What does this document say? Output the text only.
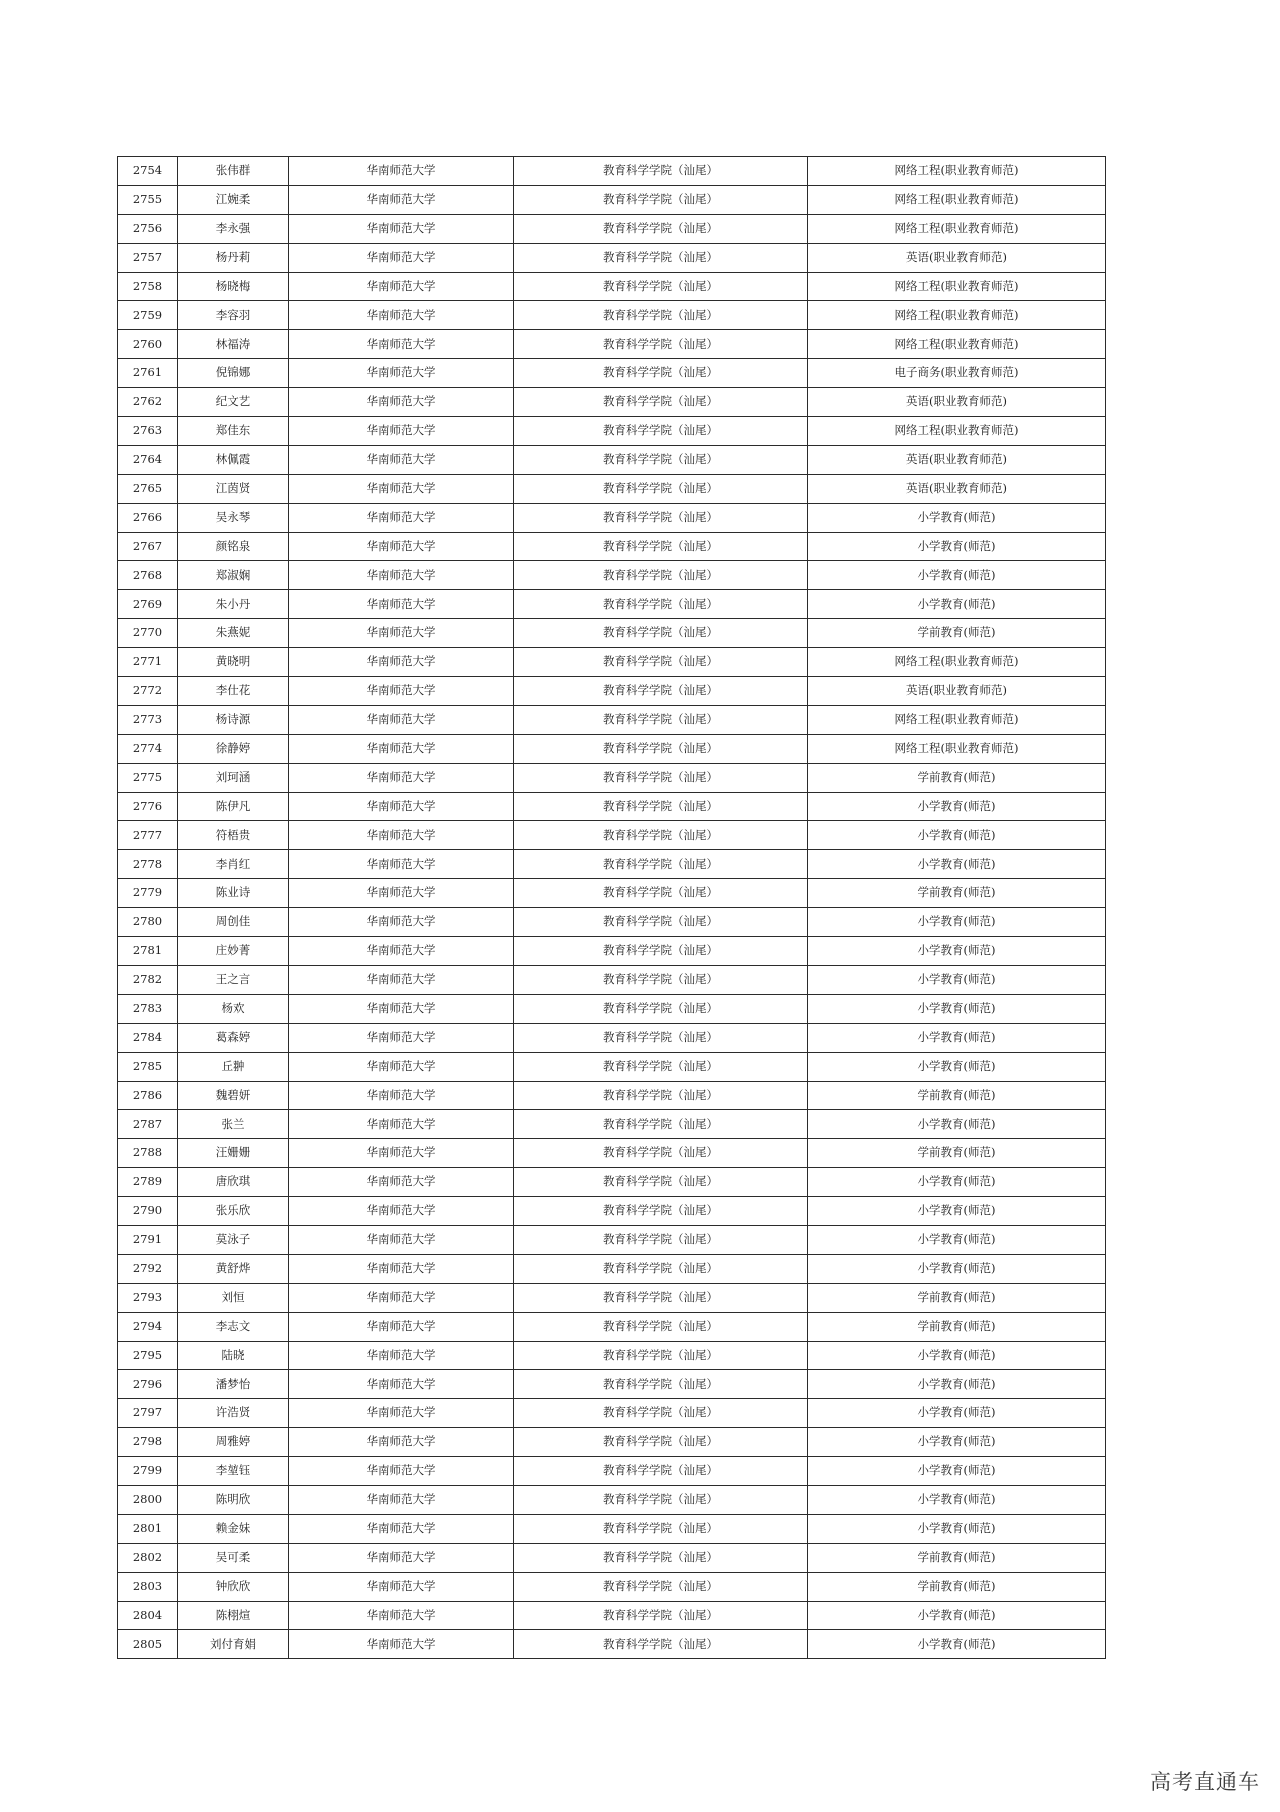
2754	张伟群	华南师范大学	教育科学学院（汕尾）	网络工程(职业教育师范)
2755	江婉柔	华南师范大学	教育科学学院（汕尾）	网络工程(职业教育师范)
2756	李永强	华南师范大学	教育科学学院（汕尾）	网络工程(职业教育师范)
2757	杨丹莉	华南师范大学	教育科学学院（汕尾）	英语(职业教育师范)
2758	杨晓梅	华南师范大学	教育科学学院（汕尾）	网络工程(职业教育师范)
2759	李容羽	华南师范大学	教育科学学院（汕尾）	网络工程(职业教育师范)
2760	林福涛	华南师范大学	教育科学学院（汕尾）	网络工程(职业教育师范)
2761	倪锦娜	华南师范大学	教育科学学院（汕尾）	电子商务(职业教育师范)
2762	纪文艺	华南师范大学	教育科学学院（汕尾）	英语(职业教育师范)
2763	郑佳东	华南师范大学	教育科学学院（汕尾）	网络工程(职业教育师范)
2764	林佩霞	华南师范大学	教育科学学院（汕尾）	英语(职业教育师范)
2765	江茵贤	华南师范大学	教育科学学院（汕尾）	英语(职业教育师范)
2766	吴永琴	华南师范大学	教育科学学院（汕尾）	小学教育(师范)
2767	颜铭泉	华南师范大学	教育科学学院（汕尾）	小学教育(师范)
2768	郑淑娴	华南师范大学	教育科学学院（汕尾）	小学教育(师范)
2769	朱小丹	华南师范大学	教育科学学院（汕尾）	小学教育(师范)
2770	朱燕妮	华南师范大学	教育科学学院（汕尾）	学前教育(师范)
2771	黄晓明	华南师范大学	教育科学学院（汕尾）	网络工程(职业教育师范)
2772	李仕花	华南师范大学	教育科学学院（汕尾）	英语(职业教育师范)
2773	杨诗源	华南师范大学	教育科学学院（汕尾）	网络工程(职业教育师范)
2774	徐静婷	华南师范大学	教育科学学院（汕尾）	网络工程(职业教育师范)
2775	刘珂涵	华南师范大学	教育科学学院（汕尾）	学前教育(师范)
2776	陈伊凡	华南师范大学	教育科学学院（汕尾）	小学教育(师范)
2777	符梧贵	华南师范大学	教育科学学院（汕尾）	小学教育(师范)
2778	李肖红	华南师范大学	教育科学学院（汕尾）	小学教育(师范)
2779	陈业诗	华南师范大学	教育科学学院（汕尾）	学前教育(师范)
2780	周创佳	华南师范大学	教育科学学院（汕尾）	小学教育(师范)
2781	庄妙菁	华南师范大学	教育科学学院（汕尾）	小学教育(师范)
2782	王之言	华南师范大学	教育科学学院（汕尾）	小学教育(师范)
2783	杨欢	华南师范大学	教育科学学院（汕尾）	小学教育(师范)
2784	葛森婷	华南师范大学	教育科学学院（汕尾）	小学教育(师范)
2785	丘翀	华南师范大学	教育科学学院（汕尾）	小学教育(师范)
2786	魏碧妍	华南师范大学	教育科学学院（汕尾）	学前教育(师范)
2787	张兰	华南师范大学	教育科学学院（汕尾）	小学教育(师范)
2788	汪姗姗	华南师范大学	教育科学学院（汕尾）	学前教育(师范)
2789	唐欣琪	华南师范大学	教育科学学院（汕尾）	小学教育(师范)
2790	张乐欣	华南师范大学	教育科学学院（汕尾）	小学教育(师范)
2791	莫泳子	华南师范大学	教育科学学院（汕尾）	小学教育(师范)
2792	黄舒烨	华南师范大学	教育科学学院（汕尾）	小学教育(师范)
2793	刘恒	华南师范大学	教育科学学院（汕尾）	学前教育(师范)
2794	李志文	华南师范大学	教育科学学院（汕尾）	学前教育(师范)
2795	陆晓	华南师范大学	教育科学学院（汕尾）	小学教育(师范)
2796	潘梦怡	华南师范大学	教育科学学院（汕尾）	小学教育(师范)
2797	许浩贤	华南师范大学	教育科学学院（汕尾）	小学教育(师范)
2798	周雅婷	华南师范大学	教育科学学院（汕尾）	小学教育(师范)
2799	李堃钰	华南师范大学	教育科学学院（汕尾）	小学教育(师范)
2800	陈明欣	华南师范大学	教育科学学院（汕尾）	小学教育(师范)
2801	赖金妹	华南师范大学	教育科学学院（汕尾）	小学教育(师范)
2802	吴可柔	华南师范大学	教育科学学院（汕尾）	学前教育(师范)
2803	钟欣欣	华南师范大学	教育科学学院（汕尾）	学前教育(师范)
2804	陈栩煊	华南师范大学	教育科学学院（汕尾）	小学教育(师范)
2805	刘付育娟	华南师范大学	教育科学学院（汕尾）	小学教育(师范)
高考直通车
